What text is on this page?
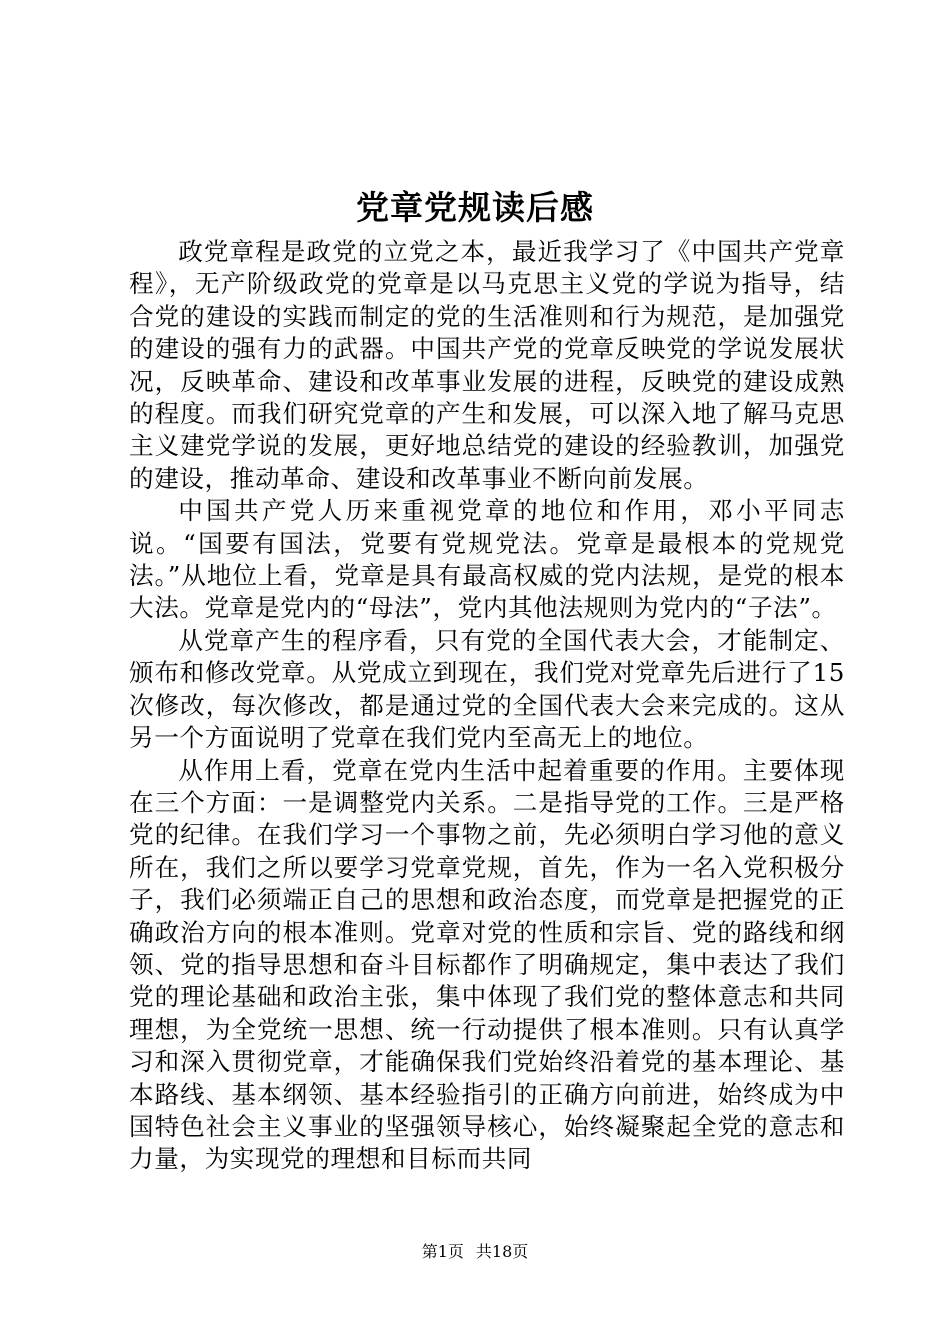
党章党规读后感

政党章程是政党的立党之本，最近我学习了《中国共产党章程》，无产阶级政党的党章是以马克思主义党的学说为指导，结合党的建设的实践而制定的党的生活准则和行为规范，是加强党的建设的强有力的武器。中国共产党的党章反映党的学说发展状况，反映革命、建设和改革事业发展的进程，反映党的建设成熟的程度。而我们研究党章的产生和发展，可以深入地了解马克思主义建党学说的发展，更好地总结党的建设的经验教训，加强党的建设，推动革命、建设和改革事业不断向前发展。

中国共产党人历来重视党章的地位和作用，邓小平同志说。“国要有国法，党要有党规党法。党章是最根本的党规党法。”从地位上看，党章是具有最高权威的党内法规，是党的根本大法。党章是党内的“母法”，党内其他法规则为党内的“子法”。

从党章产生的程序看，只有党的全国代表大会，才能制定、颁布和修改党章。从党成立到现在，我们党对党章先后进行了15次修改，每次修改，都是通过党的全国代表大会来完成的。这从另一个方面说明了党章在我们党内至高无上的地位。

从作用上看，党章在党内生活中起着重要的作用。主要体现在三个方面：一是调整党内关系。二是指导党的工作。三是严格党的纪律。在我们学习一个事物之前，先必须明白学习他的意义所在，我们之所以要学习党章党规，首先，作为一名入党积极分子，我们必须端正自己的思想和政治态度，而党章是把握党的正确政治方向的根本准则。党章对党的性质和宗旨、党的路线和纲领、党的指导思想和奋斗目标都作了明确规定，集中表达了我们党的理论基础和政治主张，集中体现了我们党的整体意志和共同理想，为全党统一思想、统一行动提供了根本准则。只有认真学习和深入贯彻党章，才能确保我们党始终沿着党的基本理论、基本路线、基本纲领、基本经验指引的正确方向前进，始终成为中国特色社会主义事业的坚强领导核心，始终凝聚起全党的意志和力量，为实现党的理想和目标而共同

第1页 共18页
